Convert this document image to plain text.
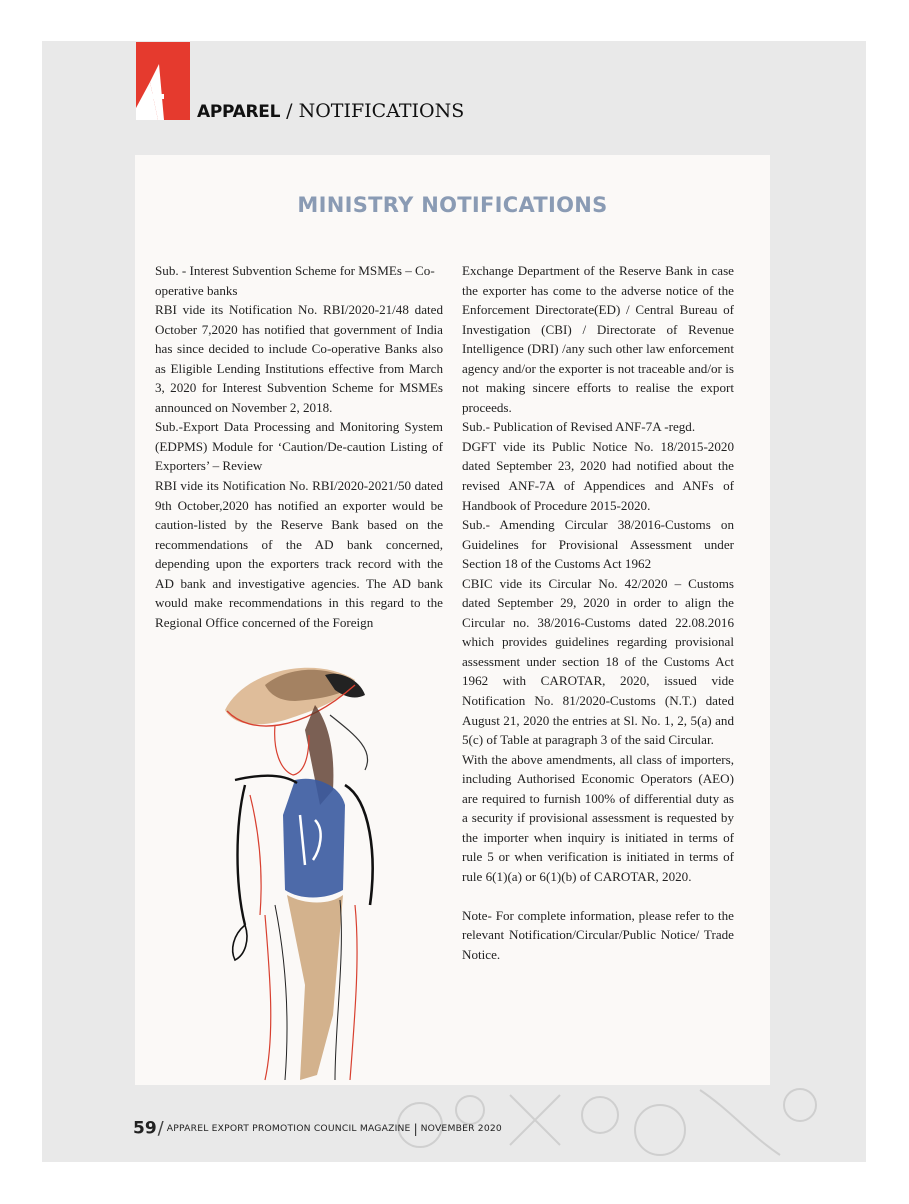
APPAREL / NOTIFICATIONS
MINISTRY NOTIFICATIONS

Sub. - Interest Subvention Scheme for MSMEs – Co-operative banks

RBI vide its Notification No. RBI/2020-21/48 dated October 7,2020 has notified that government of India has since decided to include Co-operative Banks also as Eligible Lending Institutions effective from March 3, 2020 for Interest Subvention Scheme for MSMEs announced on November 2, 2018.

Sub.-Export Data Processing and Monitoring System (EDPMS) Module for ‘Caution/De-caution Listing of Exporters’ – Review

RBI vide its Notification No. RBI/2020-2021/50 dated 9th October,2020 has notified an exporter would be caution-listed by the Reserve Bank based on the recommendations of the AD bank concerned, depending upon the exporters track record with the AD bank and investigative agencies. The AD bank would make recommendations in this regard to the Regional Office concerned of the Foreign

Exchange Department of the Reserve Bank in case the exporter has come to the adverse notice of the Enforcement Directorate(ED) / Central Bureau of Investigation (CBI) / Directorate of Revenue Intelligence (DRI) /any such other law enforcement agency and/or the exporter is not traceable and/or is not making sincere efforts to realise the export proceeds.

Sub.- Publication of Revised ANF-7A -regd.

DGFT vide its Public Notice No. 18/2015-2020 dated September 23, 2020 had notified about the revised ANF-7A of Appendices and ANFs of Handbook of Procedure 2015-2020.

Sub.- Amending Circular 38/2016-Customs on Guidelines for Provisional Assessment under Section 18 of the Customs Act 1962

CBIC vide its Circular No. 42/2020 – Customs dated September 29, 2020 in order to align the Circular no. 38/2016-Customs dated 22.08.2016 which provides guidelines regarding provisional assessment under section 18 of the Customs Act 1962 with CAROTAR, 2020, issued vide Notification No. 81/2020-Customs (N.T.) dated August 21, 2020 the entries at Sl. No. 1, 2, 5(a) and 5(c) of Table at paragraph 3 of the said Circular.

With the above amendments, all class of importers, including Authorised Economic Operators (AEO) are required to furnish 100% of differential duty as a security if provisional assessment is requested by the importer when inquiry is initiated in terms of rule 5 or when verification is initiated in terms of rule 6(1)(a) or 6(1)(b) of CAROTAR, 2020.

Note- For complete information, please refer to the relevant Notification/Circular/Public Notice/ Trade Notice.

59/ APPAREL EXPORT PROMOTION COUNCIL MAGAZINE | NOVEMBER 2020
